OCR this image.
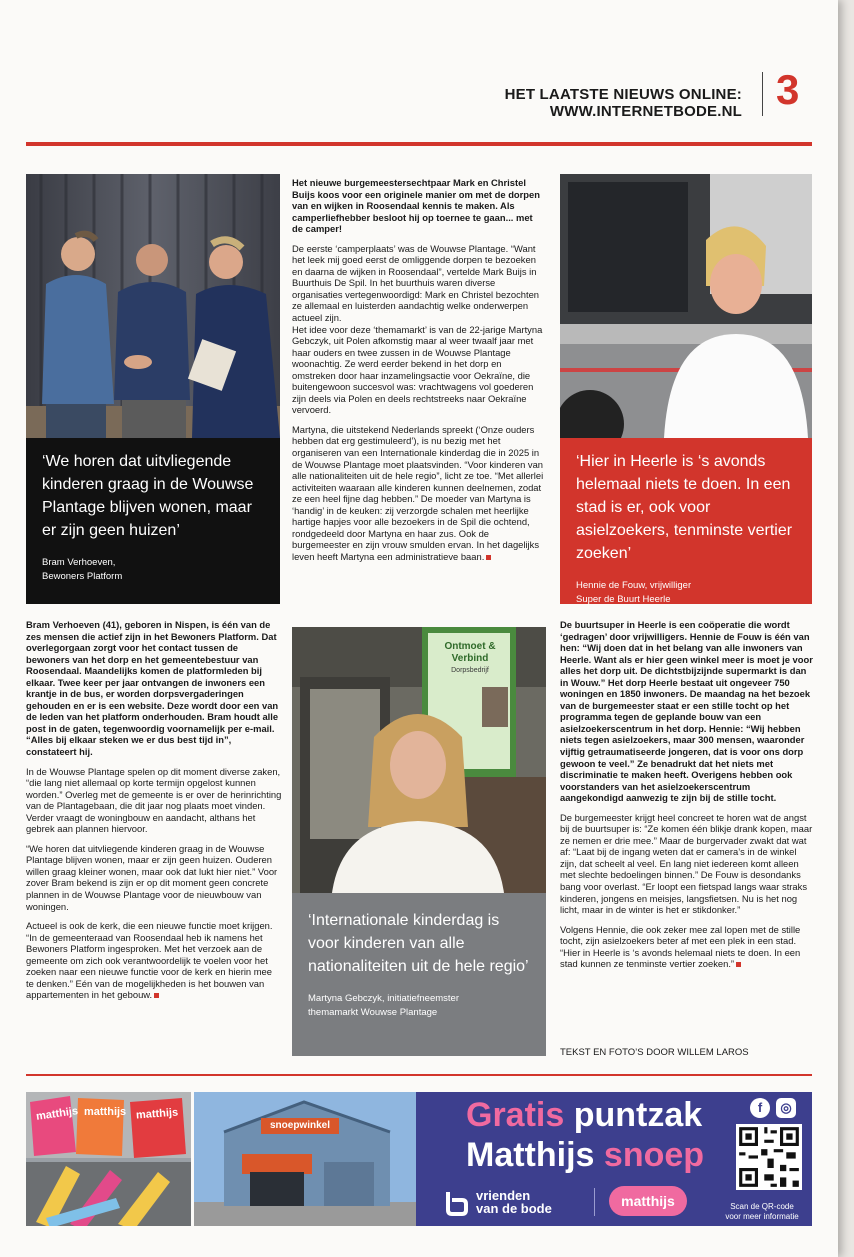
HET LAATSTE NIEUWS ONLINE: WWW.INTERNETBODE.NL 3
‘We horen dat uitvliegende kinderen graag in de Wouwse Plantage blijven wonen, maar er zijn geen huizen’
Bram Verhoeven,
Bewoners Platform

Bram Verhoeven (41), geboren in Nispen, is één van de zes mensen die actief zijn in het Bewoners Platform. Dat overlegorgaan zorgt voor het contact tussen de bewoners van het dorp en het gemeentebestuur van Roosendaal. Maandelijks komen de platformleden bij elkaar. Twee keer per jaar ontvangen de inwoners een krantje in de bus, er worden dorpsvergaderingen gehouden en er is een website. Deze wordt door een van de leden van het platform onderhouden. Bram houdt alle post in de gaten, tegenwoordig voornamelijk per e-mail. “Alles bij elkaar steken we er dus best tijd in”, constateert hij.

In de Wouwse Plantage spelen op dit moment diverse zaken, “die lang niet allemaal op korte termijn opgelost kunnen worden.” Overleg met de gemeente is er over de herinrichting van de Plantagebaan, die dit jaar nog plaats moet vinden. Verder vraagt de woningbouw en aandacht, althans het gebrek aan plannen hiervoor.

“We horen dat uitvliegende kinderen graag in de Wouwse Plantage blijven wonen, maar er zijn geen huizen. Ouderen willen graag kleiner wonen, maar ook dat lukt hier niet.” Voor zover Bram bekend is zijn er op dit moment geen concrete plannen in de Wouwse Plantage voor de nieuwbouw van woningen.

Actueel is ook de kerk, die een nieuwe functie moet krijgen. “In de gemeenteraad van Roosendaal heb ik namens het Bewoners Platform ingesproken. Met het verzoek aan de gemeente om zich ook verantwoordelijk te voelen voor het zoeken naar een nieuwe functie voor de kerk en hierin mee te denken.” Eén van de mogelijkheden is het bouwen van appartementen in het gebouw.

Het nieuwe burgemeestersechtpaar Mark en Christel Buijs koos voor een originele manier om met de dorpen van en wijken in Roosendaal kennis te maken. Als camperliefhebber besloot hij op toernee te gaan... met de camper!

De eerste ‘camperplaats’ was de Wouwse Plantage. “Want het leek mij goed eerst de omliggende dorpen te bezoeken en daarna de wijken in Roosendaal”, vertelde Mark Buijs in Buurthuis De Spil. In het buurthuis waren diverse organisaties vertegenwoordigd: Mark en Christel bezochten ze allemaal en luisterden aandachtig welke onderwerpen actueel zijn.

Het idee voor deze ‘themamarkt’ is van de 22-jarige Martyna Gebczyk, uit Polen afkomstig maar al weer twaalf jaar met haar ouders en twee zussen in de Wouwse Plantage woonachtig. Ze werd eerder bekend in het dorp en omstreken door haar inzamelingsactie voor Oekraïne, die buitengewoon succesvol was: vrachtwagens vol goederen zijn deels via Polen en deels rechtstreeks naar Oekraïne vervoerd.

Martyna, die uitstekend Nederlands spreekt (‘Onze ouders hebben dat erg gestimuleerd’), is nu bezig met het organiseren van een Internationale kinderdag die in 2025 in de Wouwse Plantage moet plaatsvinden. “Voor kinderen van alle nationaliteiten uit de hele regio”, licht ze toe. “Met allerlei activiteiten waaraan alle kinderen kunnen deelnemen, zodat ze een heel fijne dag hebben.” De moeder van Martyna is ‘handig’ in de keuken: zij verzorgde schalen met heerlijke hartige hapjes voor alle bezoekers in de Spil die ochtend, rondgedeeld door Martyna en haar zus. Ook de burgemeester en zijn vrouw smulden ervan. In het dagelijks leven heeft Martyna een administratieve baan.

Ontmoet & Verbind
Dorpsbedrijf
‘Internationale kinderdag is voor kinderen van alle nationaliteiten uit de hele regio’
Martyna Gebczyk, initiatiefneemster
themamarkt Wouwse Plantage
‘Hier in Heerle is ‘s avonds helemaal niets te doen. In een stad is er, ook voor asielzoekers, tenminste vertier zoeken’
Hennie de Fouw, vrijwilliger
Super de Buurt Heerle

De buurtsuper in Heerle is een coöperatie die wordt ‘gedragen’ door vrijwilligers. Hennie de Fouw is één van hen: “Wij doen dat in het belang van alle inwoners van Heerle. Want als er hier geen winkel meer is moet je voor alles het dorp uit. De dichtstbijzijnde supermarkt is dan in Wouw.” Het dorp Heerle bestaat uit ongeveer 750 woningen en 1850 inwoners. De maandag na het bezoek van de burgemeester staat er een stille tocht op het programma tegen de geplande bouw van een asielzoekerscentrum in het dorp. Hennie: “Wij hebben niets tegen asielzoekers, maar 300 mensen, waaronder vijftig getraumatiseerde jongeren, dat is voor ons dorp gewoon te veel.” Ze benadrukt dat het niets met discriminatie te maken heeft. Overigens hebben ook voorstanders van het asielzoekerscentrum aangekondigd aanwezig te zijn bij de stille tocht.

De burgemeester krijgt heel concreet te horen wat de angst bij de buurtsuper is: “Ze komen één blikje drank kopen, maar ze nemen er drie mee.” Maar de burgervader zwakt dat wat af: “Laat bij de ingang weten dat er camera’s in de winkel zijn, dat scheelt al veel. En lang niet iedereen komt alleen met slechte bedoelingen binnen.” De Fouw is desondanks bang voor overlast. “Er loopt een fietspad langs waar straks kinderen, jongens en meisjes, langsfietsen. Nu is het nog licht, maar in de winter is het er stikdonker.”

Volgens Hennie, die ook zeker mee zal lopen met de stille tocht, zijn asielzoekers beter af met een plek in een stad. “Hier in Heerle is ‘s avonds helemaal niets te doen. In een stad kunnen ze tenminste vertier zoeken.”

TEKST EN FOTO’S DOOR WILLEM LAROS
matthijs matthijs matthijs
snoepwinkel	Gratis puntzak
Matthijs snoep
vrienden
van de bode	matthijs
f	◎
Scan de QR-code
voor meer informatie
